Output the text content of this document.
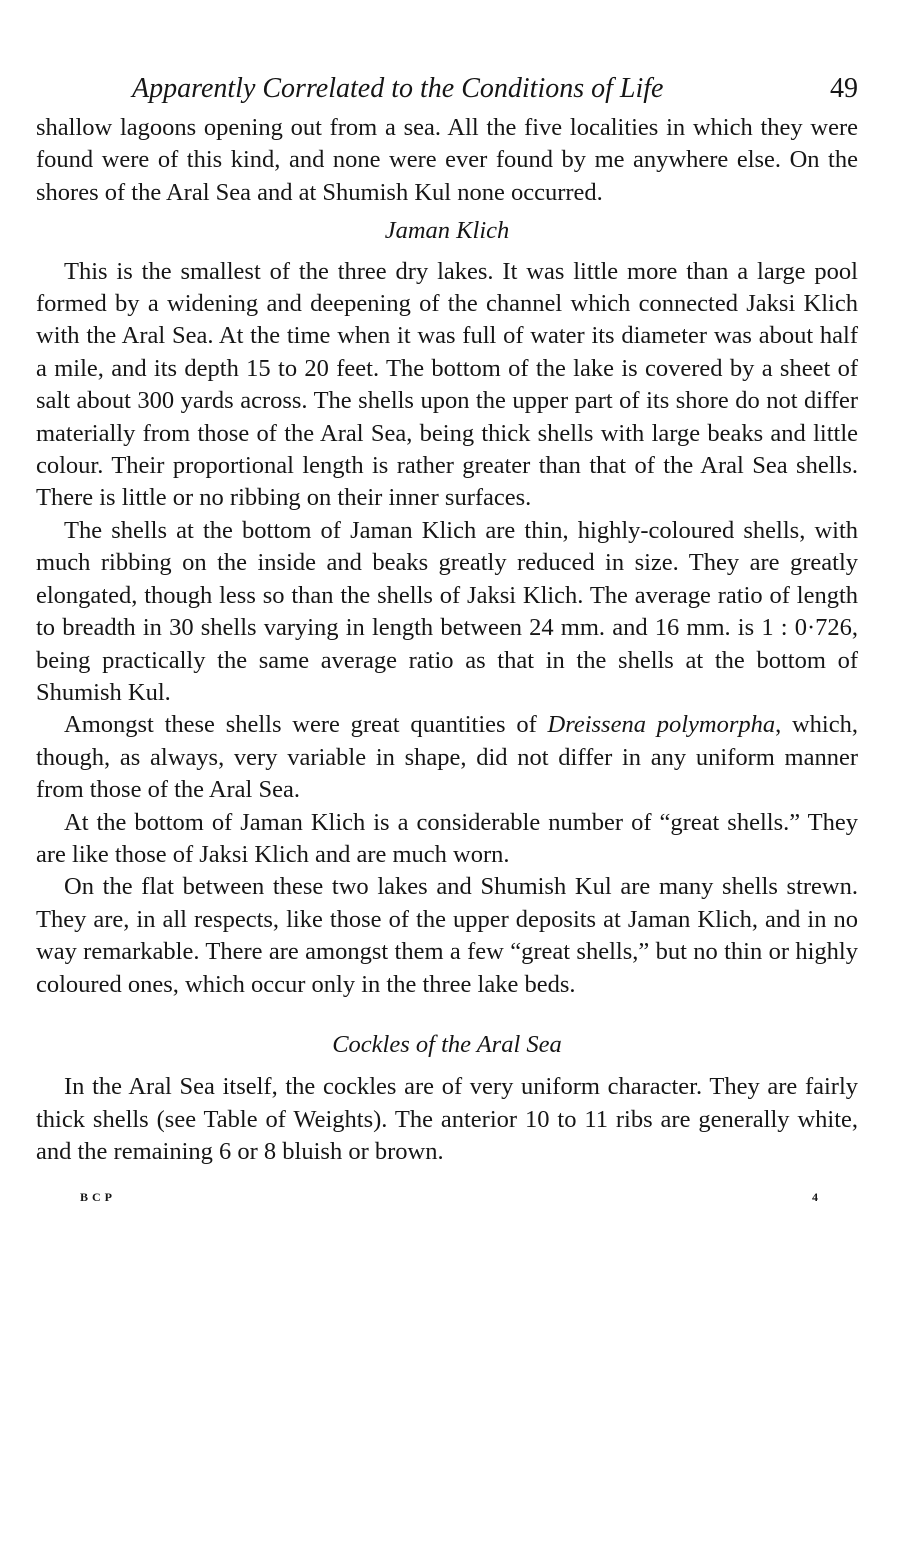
Apparently Correlated to the Conditions of Life	49

shallow lagoons opening out from a sea. All the five localities in which they were found were of this kind, and none were ever found by me anywhere else. On the shores of the Aral Sea and at Shumish Kul none occurred.

Jaman Klich

This is the smallest of the three dry lakes. It was little more than a large pool formed by a widening and deepening of the channel which connected Jaksi Klich with the Aral Sea. At the time when it was full of water its diameter was about half a mile, and its depth 15 to 20 feet. The bottom of the lake is covered by a sheet of salt about 300 yards across. The shells upon the upper part of its shore do not differ materially from those of the Aral Sea, being thick shells with large beaks and little colour. Their proportional length is rather greater than that of the Aral Sea shells. There is little or no ribbing on their inner surfaces.

The shells at the bottom of Jaman Klich are thin, highly-coloured shells, with much ribbing on the inside and beaks greatly reduced in size. They are greatly elongated, though less so than the shells of Jaksi Klich. The average ratio of length to breadth in 30 shells varying in length between 24 mm. and 16 mm. is 1 : 0·726, being practically the same average ratio as that in the shells at the bottom of Shumish Kul.

Amongst these shells were great quantities of Dreissena polymorpha, which, though, as always, very variable in shape, did not differ in any uniform manner from those of the Aral Sea.

At the bottom of Jaman Klich is a considerable number of “great shells.” They are like those of Jaksi Klich and are much worn.

On the flat between these two lakes and Shumish Kul are many shells strewn. They are, in all respects, like those of the upper deposits at Jaman Klich, and in no way remarkable. There are amongst them a few “great shells,” but no thin or highly coloured ones, which occur only in the three lake beds.

Cockles of the Aral Sea

In the Aral Sea itself, the cockles are of very uniform character. They are fairly thick shells (see Table of Weights). The anterior 10 to 11 ribs are generally white, and the remaining 6 or 8 bluish or brown.

BCP	4
